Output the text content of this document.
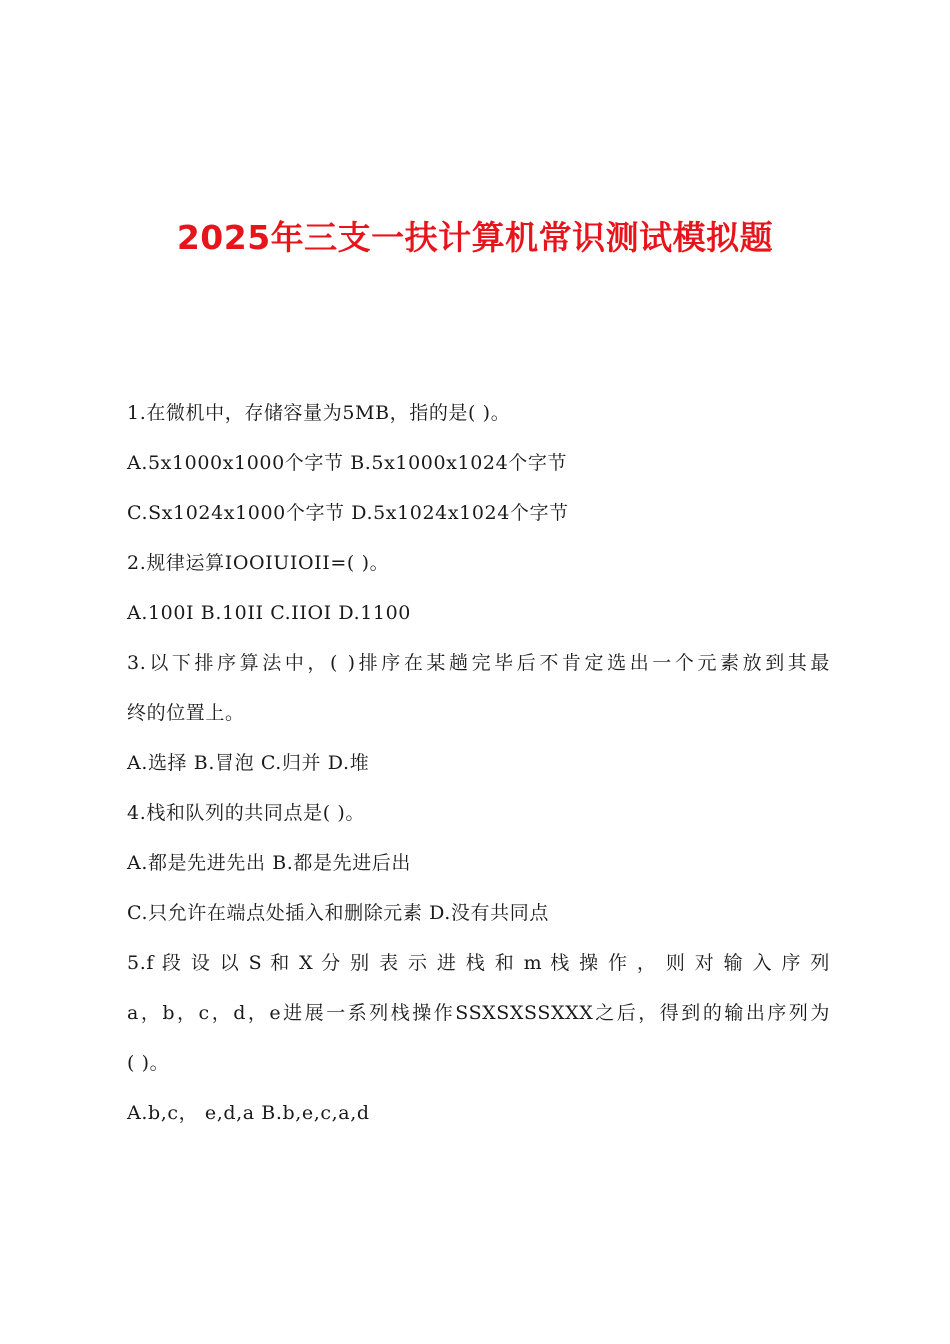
2025年三支一扶计算机常识测试模拟题
1.在微机中，存储容量为5MB，指的是( )。
A.5x1000x1000个字节 B.5x1000x1024个字节
C.Sx1024x1000个字节 D.5x1024x1024个字节
2.规律运算IOOIUIOII=( )。
A.100I B.10II C.IIOI D.1100
3.以下排序算法中，( )排序在某趟完毕后不肯定选出一个元素放到其最
终的位置上。
A.选择 B.冒泡 C.归并 D.堆
4.栈和队列的共同点是( )。
A.都是先进先出 B.都是先进后出
C.只允许在端点处插入和删除元素 D.没有共同点
5.f 段 设 以 S 和 X 分 别 表 示 进 栈 和 m 栈 操 作 ， 则 对 输 入 序 列
a，b，c，d，e进展一系列栈操作SSXSXSSXXX之后，得到的输出序列为
( )。
A.b,c， e,d,a B.b,e,c,a,d
